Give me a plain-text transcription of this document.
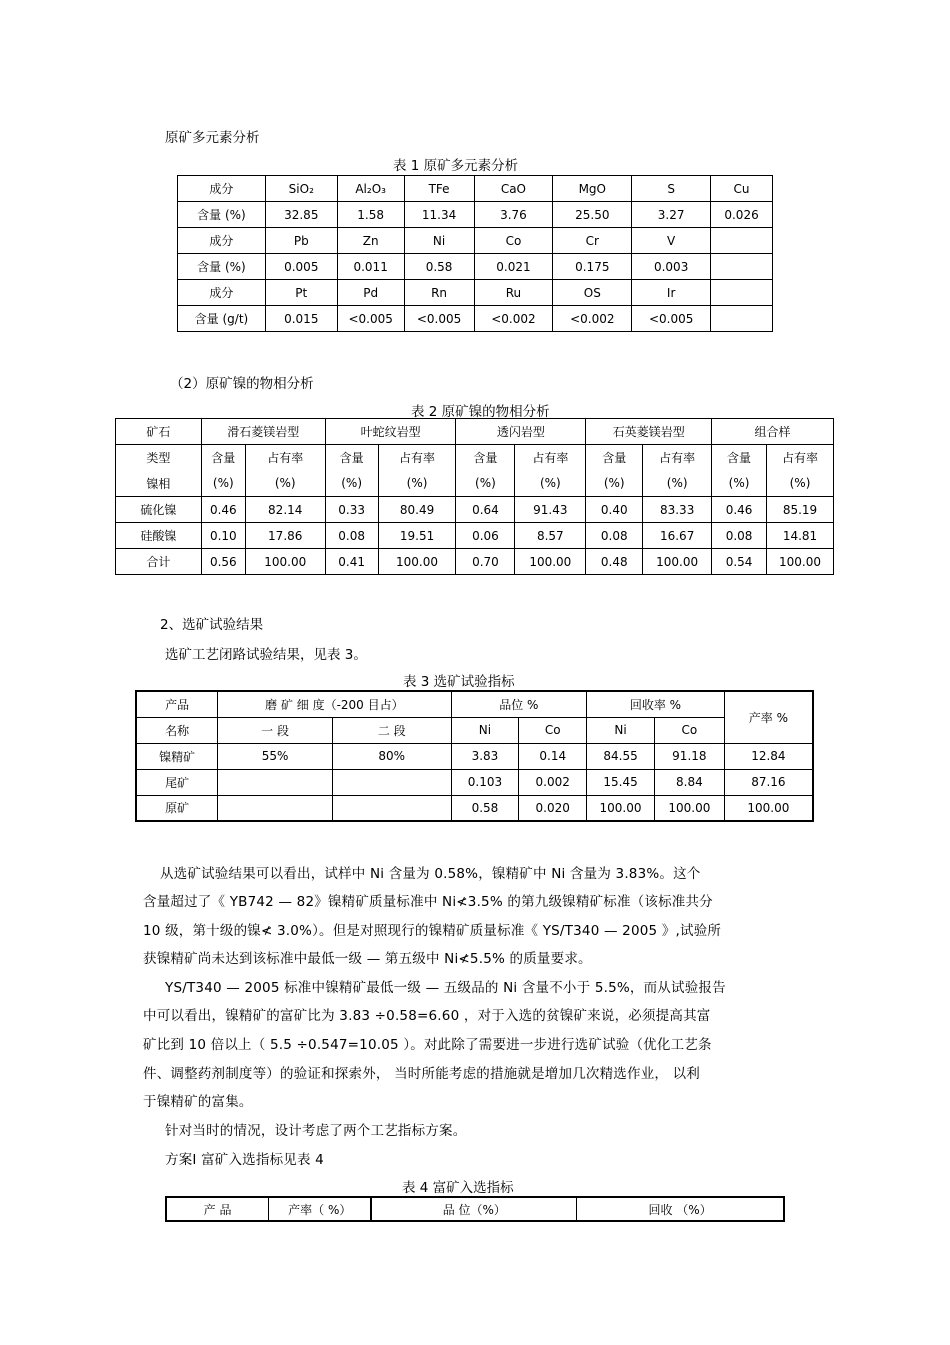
原矿多元素分析
表 1 原矿多元素分析
成分	SiO₂	Al₂O₃	TFe	CaO	MgO	S	Cu
含量 (%)	32.85	1.58	11.34	3.76	25.50	3.27	0.026
成分	Pb	Zn	Ni	Co	Cr	V	
含量 (%)	0.005	0.011	0.58	0.021	0.175	0.003	
成分	Pt	Pd	Rn	Ru	OS	Ir	
含量 (g/t)	0.015	<0.005	<0.005	<0.002	<0.002	<0.005	
（2）原矿镍的物相分析
表 2 原矿镍的物相分析
矿石	滑石菱镁岩型		叶蛇纹岩型		透闪岩型		石英菱镁岩型		组合样	
类型	含量	占有率	含量	占有率	含量	占有率	含量	占有率	含量	占有率
镍相	(%)	(%)	(%)	(%)	(%)	(%)	(%)	(%)	(%)	(%)
硫化镍	0.46	82.14	0.33	80.49	0.64	91.43	0.40	83.33	0.46	85.19
硅酸镍	0.10	17.86	0.08	19.51	0.06	8.57	0.08	16.67	0.08	14.81
合计	0.56	100.00	0.41	100.00	0.70	100.00	0.48	100.00	0.54	100.00
2、选矿试验结果
选矿工艺闭路试验结果，见表 3。
表 3 选矿试验指标
产品	磨 矿 细 度（-200 目占）		品位 %		回收率 %		产率 %
名称	一 段	二 段	Ni	Co	Ni	Co	
镍精矿	55%	80%	3.83	0.14	84.55	91.18	12.84
尾矿			0.103	0.002	15.45	8.84	87.16
原矿			0.58	0.020	100.00	100.00	100.00
从选矿试验结果可以看出，试样中 Ni 含量为 0.58%，镍精矿中 Ni 含量为 3.83%。这个
含量超过了《 YB742 — 82》镍精矿质量标准中 Ni≮3.5% 的第九级镍精矿标准（该标准共分
10 级，第十级的镍≮ 3.0%）。但是对照现行的镍精矿质量标准《 YS/T340 — 2005 》,试验所
获镍精矿尚未达到该标准中最低一级 — 第五级中 Ni≮5.5% 的质量要求。
YS/T340 — 2005 标准中镍精矿最低一级 — 五级品的 Ni 含量不小于 5.5%，而从试验报告
中可以看出，镍精矿的富矿比为 3.83 ÷0.58=6.60 ，对于入选的贫镍矿来说，必须提高其富
矿比到 10 倍以上（ 5.5 ÷0.547=10.05 ）。对此除了需要进一步进行选矿试验（优化工艺条
件、调整药剂制度等）的验证和探索外， 当时所能考虑的措施就是增加几次精选作业， 以利
于镍精矿的富集。
针对当时的情况，设计考虑了两个工艺指标方案。
方案Ⅰ 富矿入选指标见表 4
表 4 富矿入选指标
产 品	产率（ %）	品 位（%）	回收 （%）
